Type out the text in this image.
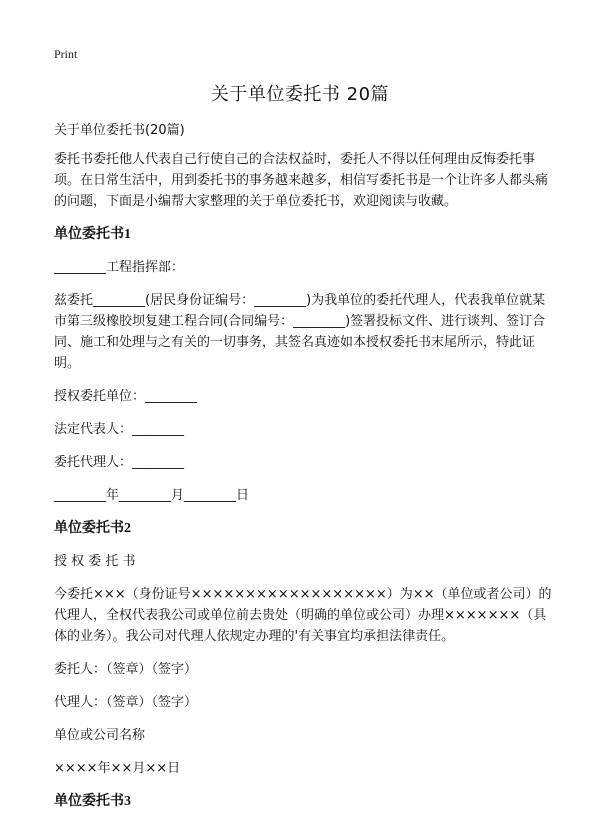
Print
关于单位委托书 20篇

关于单位委托书(20篇)

委托书委托他人代表自己行使自己的合法权益时，委托人不得以任何理由反悔委托事项。在日常生活中，用到委托书的事务越来越多，相信写委托书是一个让许多人都头痛的问题，下面是小编帮大家整理的关于单位委托书，欢迎阅读与收藏。

单位委托书1

________工程指挥部：

兹委托________(居民身份证编号：________)为我单位的委托代理人，代表我单位就某市第三级橡胶坝复建工程合同(合同编号：________)签署投标文件、进行谈判、签订合同、施工和处理与之有关的一切事务，其签名真迹如本授权委托书末尾所示，特此证明。

授权委托单位：________

法定代表人：________

委托代理人：________

________年________月________日

单位委托书2

授 权 委 托 书

今委托×××（身份证号××××××××××××××××××）为××（单位或者公司）的代理人，全权代表我公司或单位前去贵处（明确的单位或公司）办理×××××××（具体的业务）。我公司对代理人依规定办理的'有关事宜均承担法律责任。

委托人：（签章）（签字）

代理人：（签章）（签字）

单位或公司名称

××××年××月××日

单位委托书3
